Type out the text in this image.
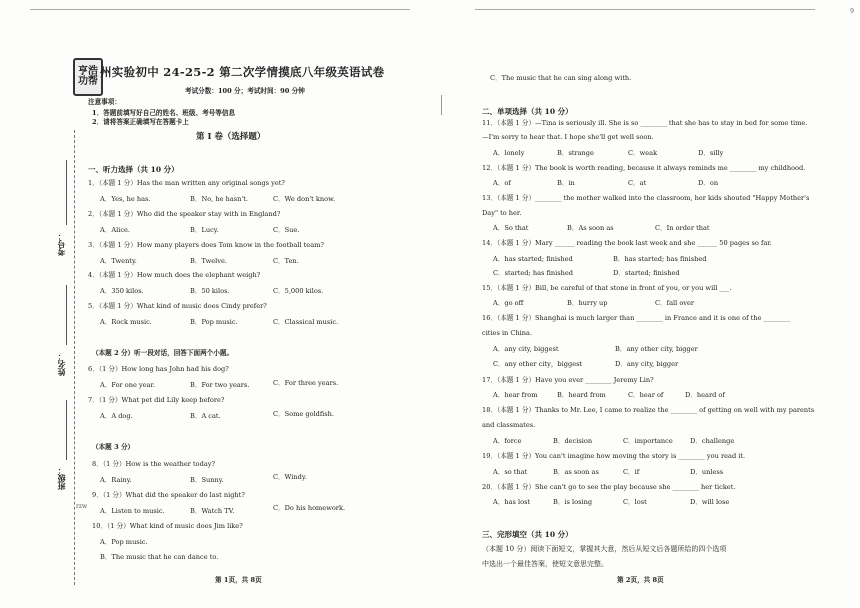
亨浩
功帮
州实验初中 24-25-2 第二次学情摸底八年级英语试卷
考试分数：100 分；考试时间：90 分钟
注意事项：
1．答题前填写好自己的姓名、班级、考号等信息
2．请将答案正确填写在答题卡上
第 I 卷（选择题）
考号：
姓名：
班级：
一、听力选择（共 10 分）
1．（本题 1 分）Has the man written any original songs yet?
A．Yes, he has.	B．No, he hasn't.	C．We don't know.
2．（本题 1 分）Who did the speaker stay with in England?
A．Alice.	B．Lucy.	C．Sue.
3．（本题 1 分）How many players does Tom know in the football team?
A．Twenty.	B．Twelve.	C．Ten.
4．（本题 1 分）How much does the elephant weigh?
A．350 kilos.	B．50 kilos.	C．5,000 kilos.
5．（本题 1 分）What kind of music does Cindy prefer?
A．Rock music.	B．Pop music.	C．Classical music.
（本题 2 分）听一段对话，回答下面两个小题。
6．（1 分）How long has John had his dog?
A．For one year.	B．For two years.	C．For three years.
7．（1 分）What pet did Lily keep before?
A．A dog.	B．A cat.	C．Some goldfish.
（本题 3 分）
8．（1 分）How is the weather today?
A．Rainy.	B．Sunny.	C．Windy.
9．（1 分）What did the speaker do last night?
rzw
A．Listen to music.	B．Watch TV.	C．Do his homework.
10．（1 分）What kind of music does Jim like?
A．Pop music.
B．The music that he can dance to.
第 1页，共 8页
C．The music that he can sing along with.
二、单项选择（共 10 分）
11．（本题 1 分）—Tina is seriously ill. She is so ________ that she has to stay in bed for some time.
—I'm sorry to hear that. I hope she'll get well soon.
A．lonely	B．strange	C．weak	D．silly
12．（本题 1 分）The book is worth reading, because it always reminds me ________ my childhood.
A．of	B．in	C．at	D．on
13．（本题 1 分）________ the mother walked into the classroom, her kids shouted "Happy Mother's
Day" to her.
A．So that	B．As soon as	C．In order that
14．（本题 1 分）Mary ______ reading the book last week and she ______ 50 pages so far.
A．has started; finished	B．has started; has finished
C．started; has finished	D．started; finished
15．（本题 1 分）Bill, be careful of that stone in front of you, or you will ___.
A．go off	B．hurry up	C．fall over
16．（本题 1 分）Shanghai is much larger than ________ in France and it is one of the ________
cities in China.
A．any city, biggest	B．any other city, bigger
C．any other city，biggest	D．any city, bigger
17．（本题 1 分）Have you ever ________ Jeremy Lin?
A．hear from	B．heard from	C．hear of	D．heard of
18．（本题 1 分）Thanks to Mr. Lee, I came to realize the ________ of getting on well with my parents
and classmates.
A．force	B．decision	C．importance	D．challenge
19．（本题 1 分）You can't imagine how moving the story is ________ you read it.
A．so that	B．as soon as	C．if	D．unless
20．（本题 1 分）She can't go to see the play because she ________ her ticket.
A．has lost	B．is losing	C．lost	D．will lose
三、完形填空（共 10 分）
（本题 10 分）阅读下面短文，掌握其大意，然后从短文后各题所给的四个选项
中选出一个最佳答案，使短文意思完整。
第 2页，共 8页
9
